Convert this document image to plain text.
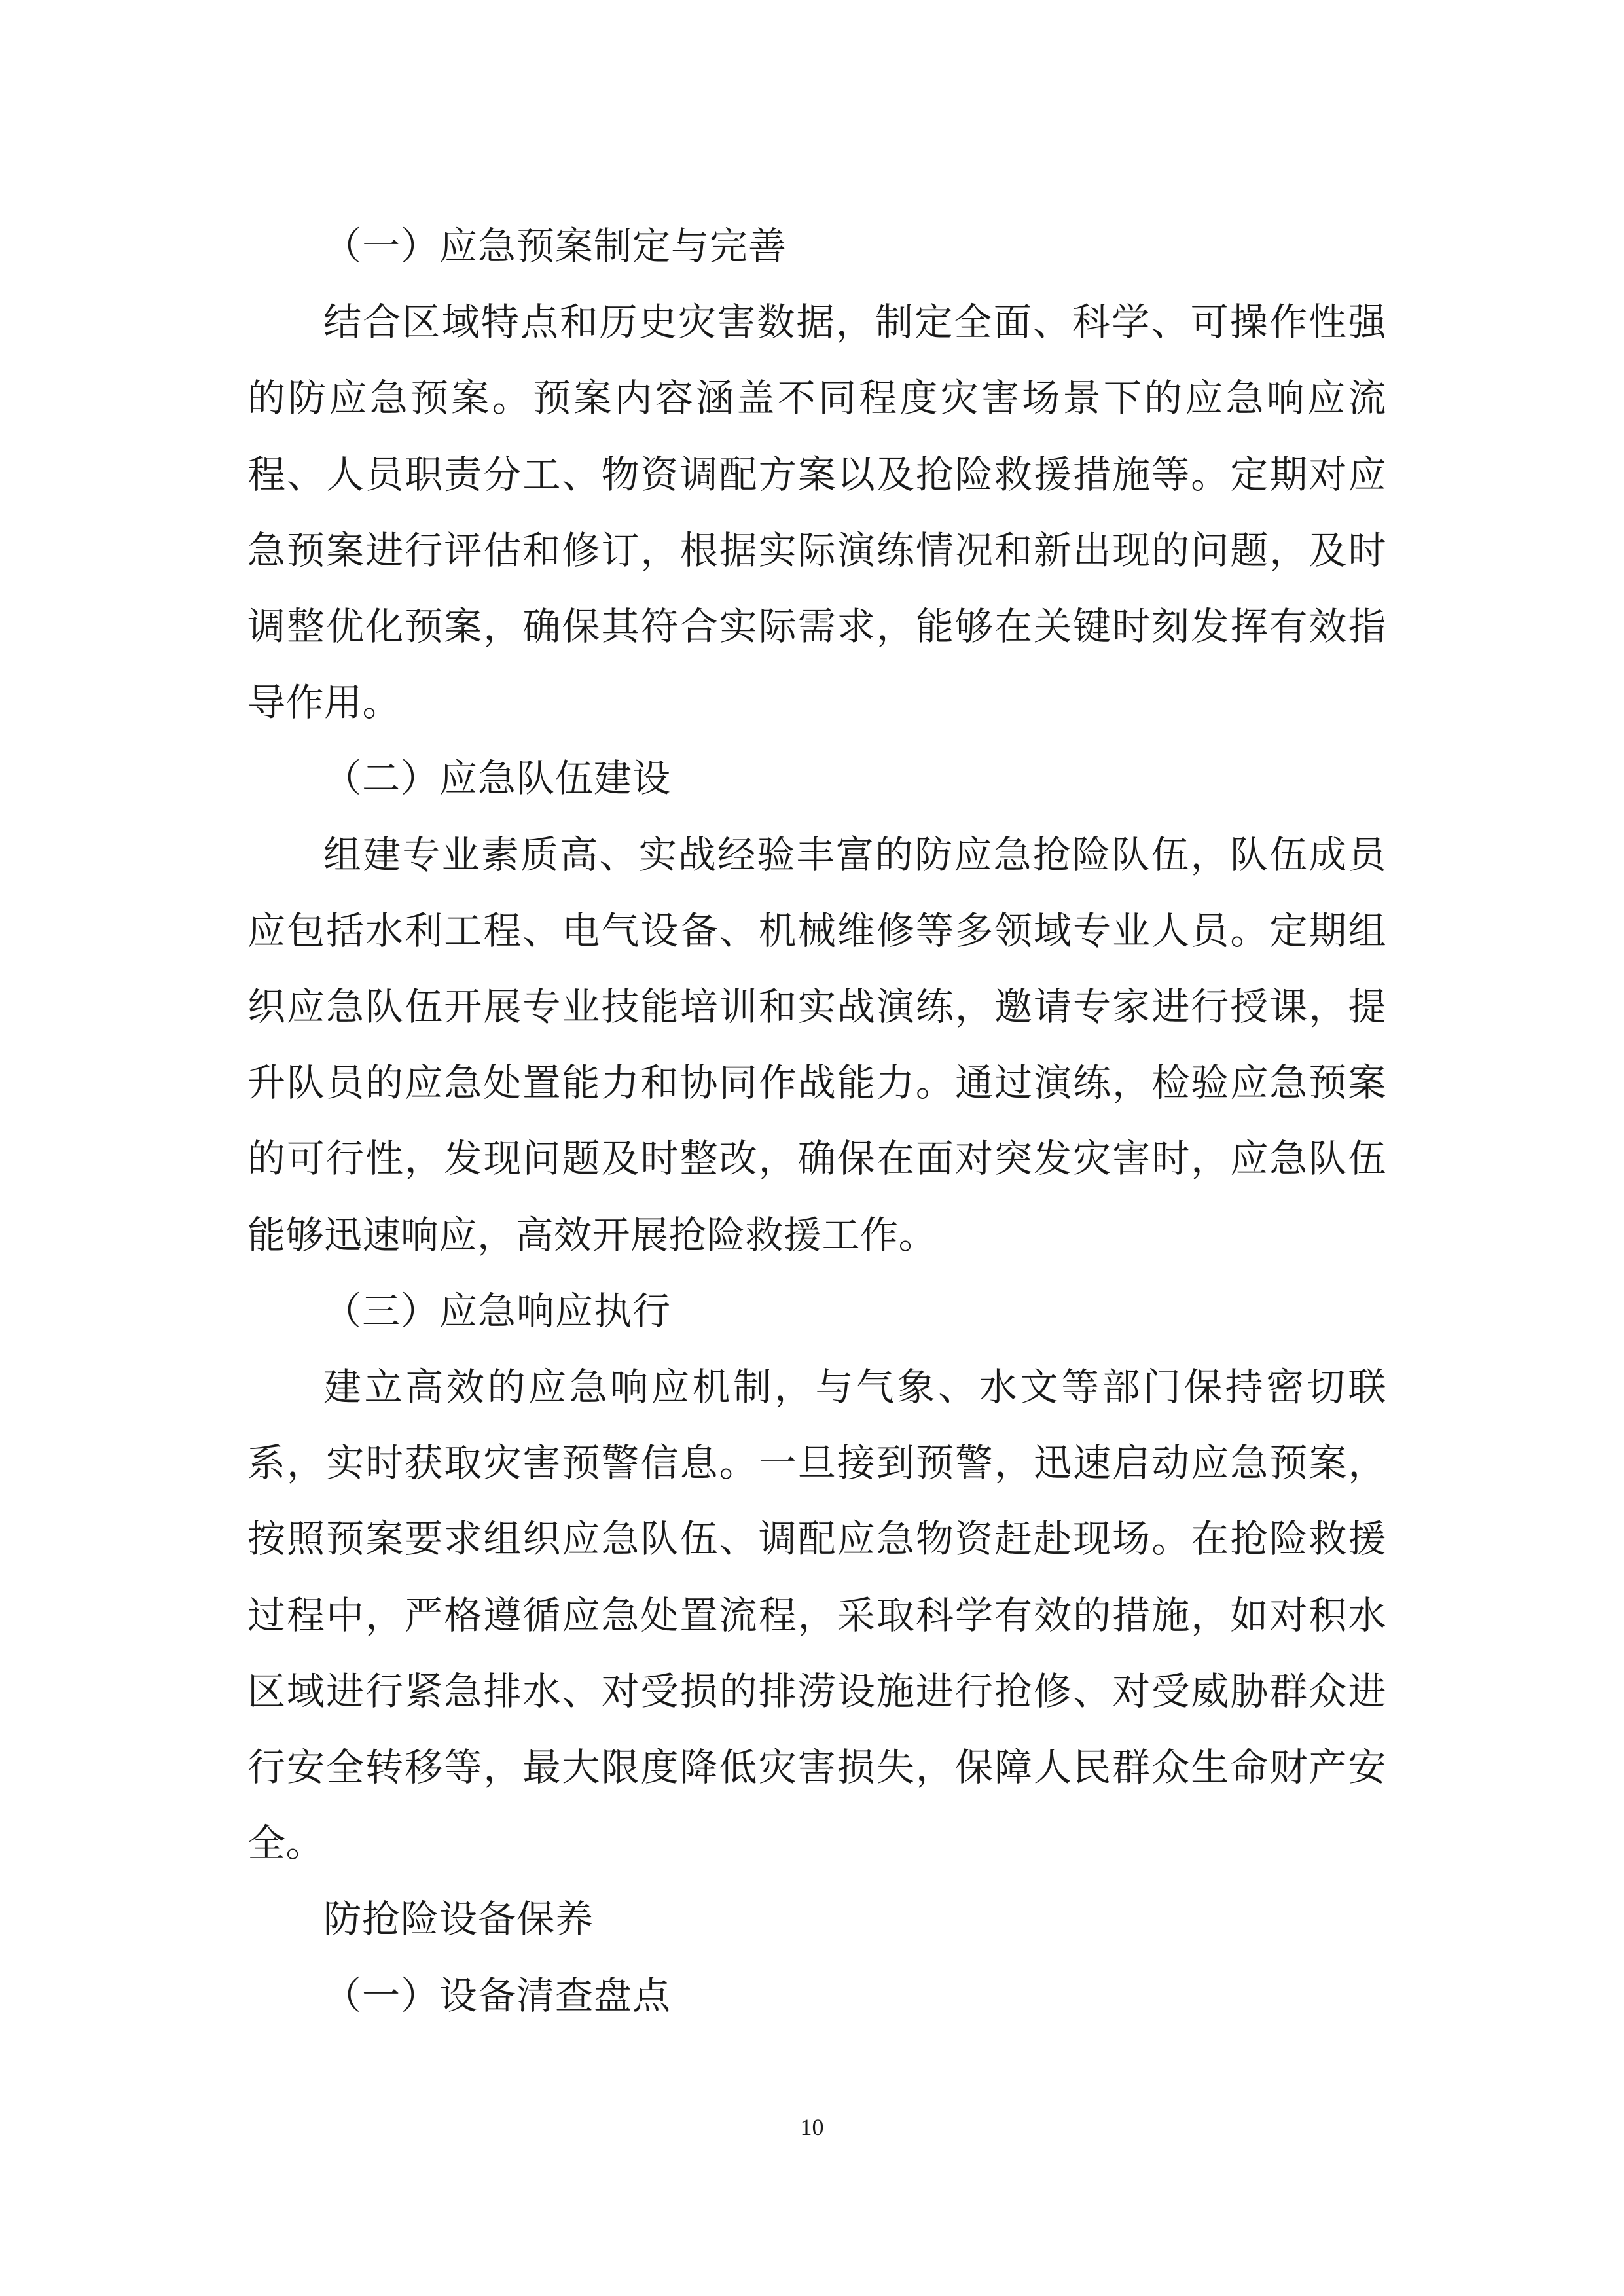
（一）应急预案制定与完善

结合区域特点和历史灾害数据，制定全面、科学、可操作性强的防应急预案。预案内容涵盖不同程度灾害场景下的应急响应流程、人员职责分工、物资调配方案以及抢险救援措施等。定期对应急预案进行评估和修订，根据实际演练情况和新出现的问题，及时调整优化预案，确保其符合实际需求，能够在关键时刻发挥有效指导作用。

（二）应急队伍建设

组建专业素质高、实战经验丰富的防应急抢险队伍，队伍成员应包括水利工程、电气设备、机械维修等多领域专业人员。定期组织应急队伍开展专业技能培训和实战演练，邀请专家进行授课，提升队员的应急处置能力和协同作战能力。通过演练，检验应急预案的可行性，发现问题及时整改，确保在面对突发灾害时，应急队伍能够迅速响应，高效开展抢险救援工作。

（三）应急响应执行

建立高效的应急响应机制，与气象、水文等部门保持密切联系，实时获取灾害预警信息。一旦接到预警，迅速启动应急预案，按照预案要求组织应急队伍、调配应急物资赶赴现场。在抢险救援过程中，严格遵循应急处置流程，采取科学有效的措施，如对积水区域进行紧急排水、对受损的排涝设施进行抢修、对受威胁群众进行安全转移等，最大限度降低灾害损失，保障人民群众生命财产安全。

防抢险设备保养

（一）设备清查盘点

10
